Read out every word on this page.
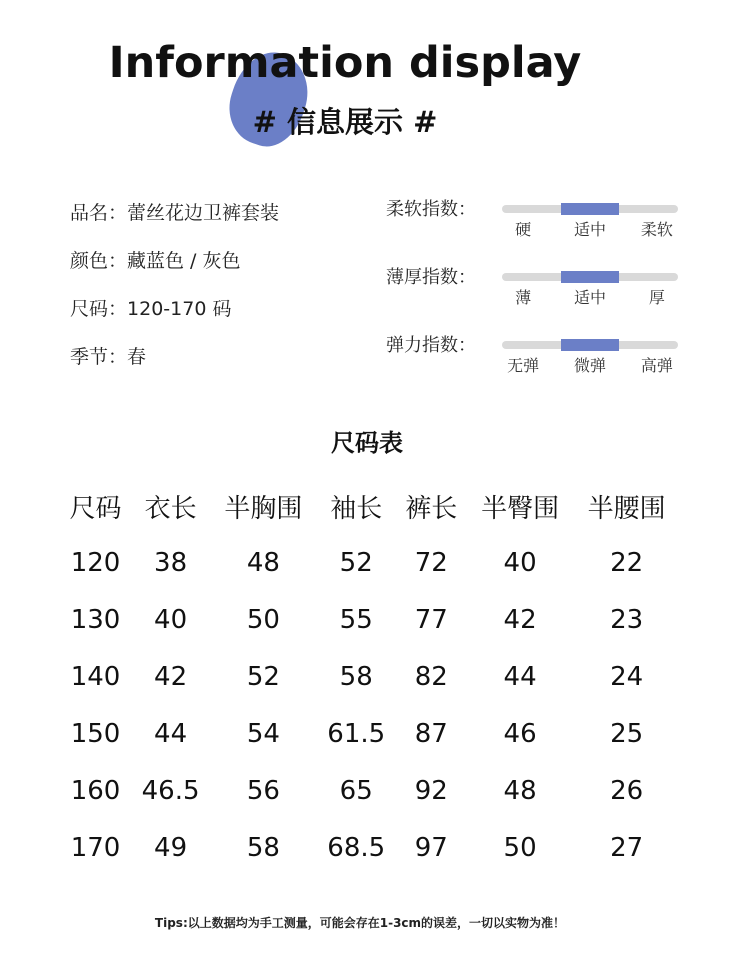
Information display
# 信息展示 #
品名：蕾丝花边卫裤套装
颜色：藏蓝色 / 灰色
尺码：120-170 码
季节：春
柔软指数：
硬	适中 柔软
薄厚指数：
薄	适中	厚
弹力指数：
无弹 微弹 高弹
尺码表
尺码	衣长	半胸围	袖长	裤长	半臀围	半腰围
120	38	48	52	72	40	22
130	40	50	55	77	42	23
140	42	52	58	82	44	24
150	44	54	61.5	87	46	25
160	46.5	56	65	92	48	26
170	49	58	68.5	97	50	27
Tips:以上数据均为手工测量，可能会存在1-3cm的误差，一切以实物为准！
